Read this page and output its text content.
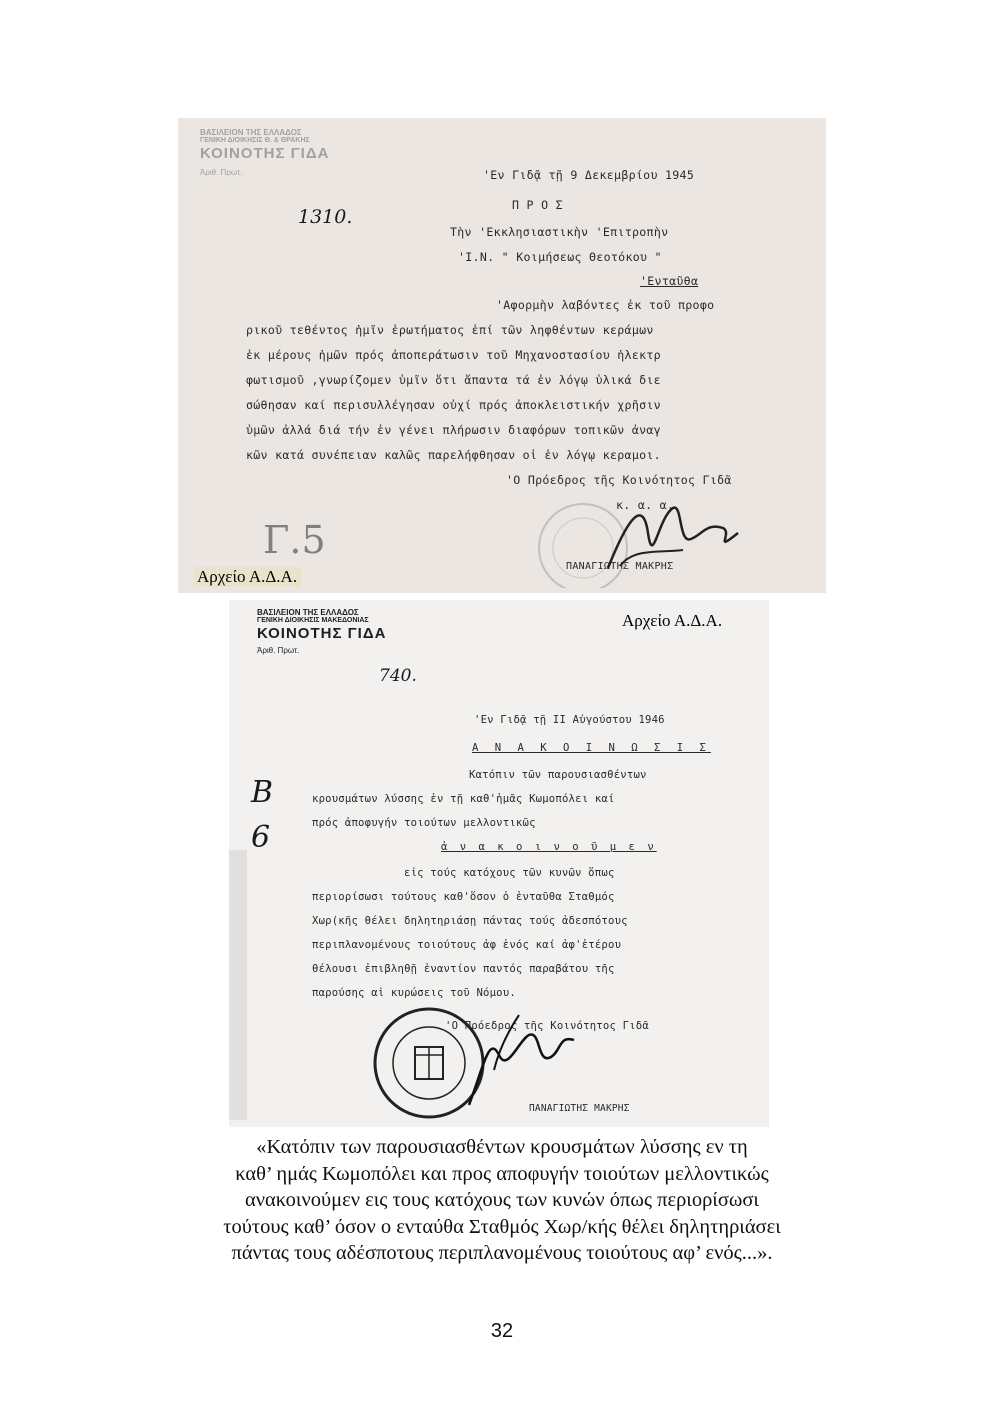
ΒΑΣΙΛΕΙΟΝ ΤΗΣ ΕΛΛΑΔΟΣ
ΓΕΝΙΚΗ ΔΙΟΙΚΗΣΙΣ Θ. & ΘΡΑΚΗΣ
ΚΟΙΝΟΤΗΣ ΓΙΔΑ
Ἀριθ. Πρωτ.
1310.
'Εν Γιδᾷ τῇ 9 Δεκεμβρίου 1945
Π Ρ Ο Σ
Τὴν 'Εκκλησιαστικὴν 'Επιτροπὴν
'Ι.Ν. " Κοιμήσεως Θεοτόκου "
'Ενταῦθα
'Αφορμὴν λαβόντες ἐκ τοῦ προφο
ρικοῦ τεθέντος ἡμῖν ἐρωτήματος ἐπί τῶν ληφθέντων κεράμων
ἐκ μέρους ἡμῶν πρός ἀποπεράτωσιν τοῦ Μηχανοστασίου ἠλεκτρ
φωτισμοῦ ,γνωρίζομεν ὑμῖν ὅτι ἅπαντα τά ἐν λόγῳ ὑλικά διε
σώθησαν καί περισυλλέγησαν οὐχί πρός ἀποκλειστικήν χρῆσιν
ὑμῶν ἀλλά διά τήν ἐν γένει πλήρωσιν διαφόρων τοπικῶν ἀναγ
κῶν κατά συνέπειαν καλῶς παρελήφθησαν οἱ ἐν λόγῳ κεραμοι.
'Ο Πρόεδρος τῆς Κοινότητος Γιδᾶ
κ. α. α.
ΠΑΝΑΓΙΩΤΗΣ ΜΑΚΡΗΣ
Γ.5
Αρχείο Α.Δ.Α.
ΒΑΣΙΛΕΙΟΝ ΤΗΣ ΕΛΛΑΔΟΣ
ΓΕΝΙΚΗ ΔΙΟΙΚΗΣΙΣ ΜΑΚΕΔΟΝΙΑΣ
ΚΟΙΝΟΤΗΣ ΓΙΔΑ
Ἀριθ. Πρωτ.
740.
'Εν Γιδᾷ τῇ ΙΙ Αὐγούστου 1946
Α Ν Α Κ Ο Ι Ν Ω Σ Ι Σ
Κατόπιν τῶν παρουσιασθέντων
κρουσμάτων λύσσης ἐν τῇ καθ'ἡμᾶς Κωμοπόλει καί
πρός ἀποφυγήν τοιούτων μελλοντικῶς
ἀ ν α κ ο ι ν ο ῦ μ ε ν
εἰς τούς κατόχους τῶν κυνῶν ὅπως
περιορίσωσι τούτους καθ'ὅσον ὁ ἐνταῦθα Σταθμός
Χωρ(κῆς θέλει δηλητηριάσῃ πάντας τούς ἀδεσπότους
περιπλανομένους τοιούτους ἀφ ἑνός καί ἀφ'ἑτέρου
θέλουσι ἐπιβληθῇ ἐναντίον παντός παραβάτου τῆς
παρούσης αἱ κυρώσεις τοῦ Νόμου.
'Ο Πρόεδρος τῆς Κοινότητος Γιδᾶ
ΠΑΝΑΓΙΩΤΗΣ ΜΑΚΡΗΣ
Β 6
Αρχείο Α.Δ.Α.
«Κατόπιν των παρουσιασθέντων κρουσμάτων λύσσης εν τη
καθ’ ημάς Κωμοπόλει και προς αποφυγήν τοιούτων μελλοντικώς
ανακοινούμεν εις τους κατόχους των κυνών όπως περιορίσωσι
τούτους καθ’ όσον ο ενταύθα Σταθμός Χωρ/κής θέλει δηλητηριάσει
πάντας τους αδέσποτους περιπλανομένους τοιούτους αφ’ ενός...».
32
